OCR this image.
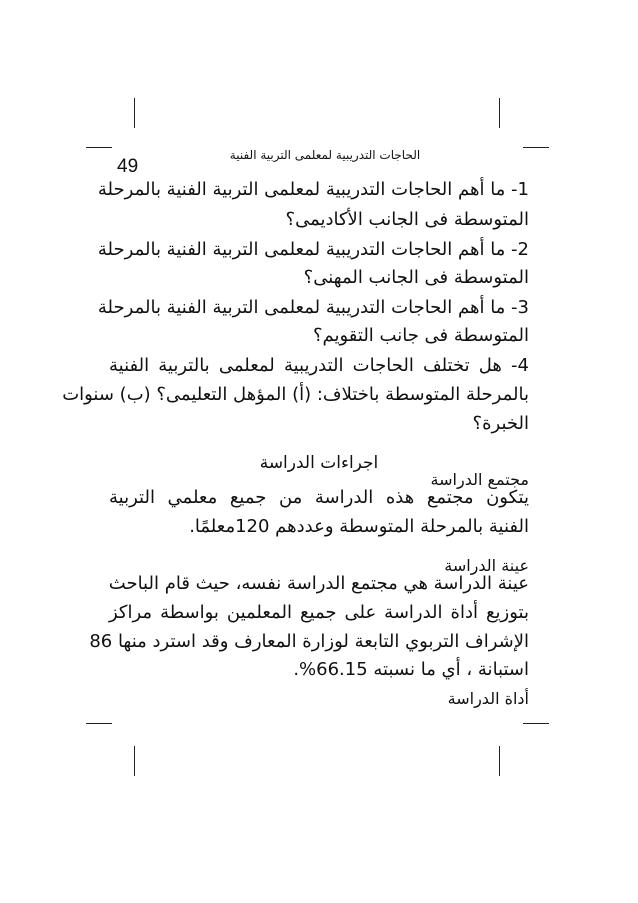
49
الحاجات التدريبية لمعلمى التربية الفنية
1- ما أهم الحاجات التدريبية لمعلمى التربية الفنية بالمرحلة
المتوسطة فى الجانب الأكاديمى؟
2- ما أهم الحاجات التدريبية لمعلمى التربية الفنية بالمرحلة
المتوسطة فى الجانب المهنى؟
3- ما أهم الحاجات التدريبية لمعلمى التربية الفنية بالمرحلة
المتوسطة فى جانب التقويم؟
4- هل تختلف الحاجات التدريبية لمعلمى بالتربية الفنية
بالمرحلة المتوسطة باختلاف: (أ) المؤهل التعليمى؟ (ب) سنوات
الخبرة؟
اجراءات الدراسة
مجتمع الدراسة
يتكون مجتمع هذه الدراسة من جميع معلمي التربية
الفنية بالمرحلة المتوسطة وعددهم 120معلمًا.
عينة الدراسة
عينة الدراسة هي مجتمع الدراسة نفسه، حيث قام الباحث
بتوزيع أداة الدراسة على جميع المعلمين بواسطة مراكز
الإشراف التربوي التابعة لوزارة المعارف وقد استرد منها 86
استبانة ، أي ما نسبته 66.15%.
أداة الدراسة
